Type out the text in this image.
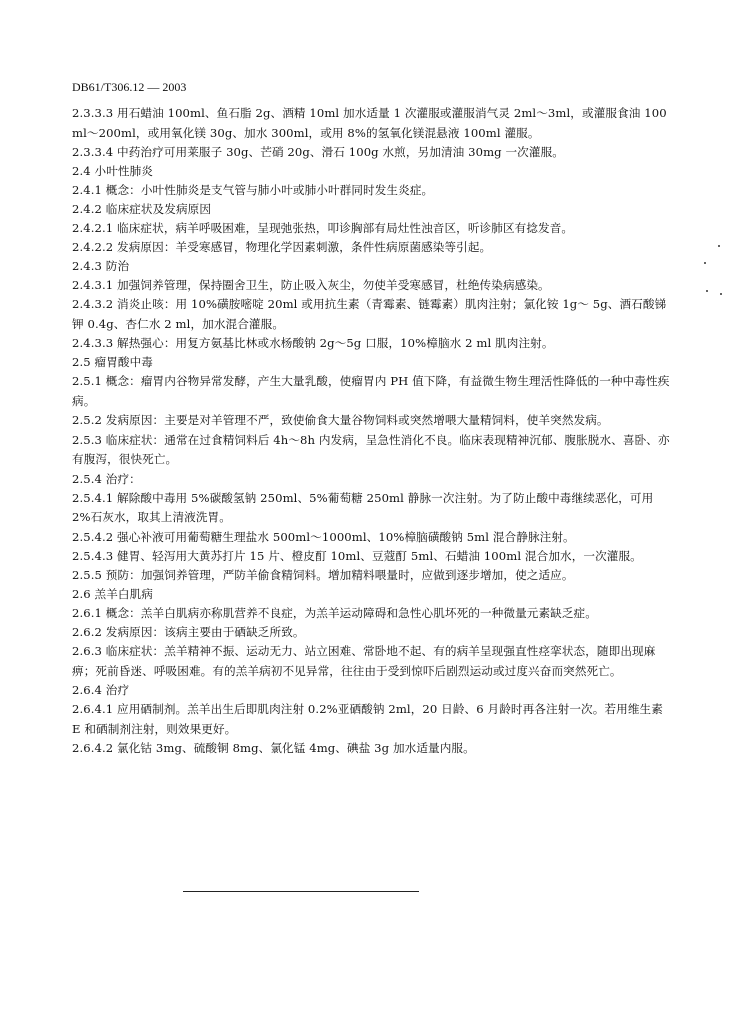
DB61/T306.12 — 2003

2.3.3.3 用石蜡油 100ml、鱼石脂 2g、酒精 10ml 加水适量 1 次灌服或灌服消气灵 2ml～3ml，或灌服食油 100ml～200ml，或用氧化镁 30g、加水 300ml，或用 8%的氢氧化镁混悬液 100ml 灌服。

2.3.3.4 中药治疗可用莱服子 30g、芒硝 20g、滑石 100g 水煎，另加清油 30mg 一次灌服。

2.4 小叶性肺炎

2.4.1 概念：小叶性肺炎是支气管与肺小叶或肺小叶群同时发生炎症。

2.4.2 临床症状及发病原因

2.4.2.1 临床症状，病羊呼吸困难，呈现弛张热，叩诊胸部有局灶性浊音区，听诊肺区有捻发音。

2.4.2.2 发病原因：羊受寒感冒，物理化学因素刺激，条件性病原菌感染等引起。

2.4.3 防治

2.4.3.1 加强饲养管理，保持圈舍卫生，防止吸入灰尘，勿使羊受寒感冒，杜绝传染病感染。

2.4.3.2 消炎止咳：用 10%磺胺嘧啶 20ml 或用抗生素（青霉素、链霉素）肌肉注射；氯化铵 1g～ 5g、酒石酸锑钾 0.4g、杏仁水 2 ml，加水混合灌服。

2.4.3.3 解热强心：用复方氨基比林或水杨酸钠 2g～5g 口服，10%樟脑水 2 ml 肌肉注射。

2.5 瘤胃酸中毒

2.5.1 概念：瘤胃内谷物异常发酵，产生大量乳酸，使瘤胃内 PH 值下降，有益微生物生理活性降低的一种中毒性疾病。

2.5.2 发病原因：主要是对羊管理不严，致使偷食大量谷物饲料或突然增喂大量精饲料，使羊突然发病。

2.5.3 临床症状：通常在过食精饲料后 4h～8h 内发病，呈急性消化不良。临床表现精神沉郁、腹胀脱水、喜卧、亦有腹泻，很快死亡。

2.5.4 治疗：

2.5.4.1 解除酸中毒用 5%碳酸氢钠 250ml、5%葡萄糖 250ml 静脉一次注射。为了防止酸中毒继续恶化，可用 2%石灰水，取其上清液洗胃。

2.5.4.2 强心补液可用葡萄糖生理盐水 500ml～1000ml、10%樟脑磺酸钠 5ml 混合静脉注射。

2.5.4.3 健胃、轻泻用大黄苏打片 15 片、橙皮酊 10ml、豆蔻酊 5ml、石蜡油 100ml 混合加水，一次灌服。

2.5.5 预防：加强饲养管理，严防羊偷食精饲料。增加精料喂量时，应做到逐步增加，使之适应。

2.6 羔羊白肌病

2.6.1 概念：羔羊白肌病亦称肌营养不良症，为羔羊运动障碍和急性心肌坏死的一种微量元素缺乏症。

2.6.2 发病原因：该病主要由于硒缺乏所致。

2.6.3 临床症状：羔羊精神不振、运动无力、站立困难、常卧地不起、有的病羊呈现强直性痉挛状态，随即出现麻痹；死前昏迷、呼吸困难。有的羔羊病初不见异常，往往由于受到惊吓后剧烈运动或过度兴奋而突然死亡。

2.6.4 治疗

2.6.4.1 应用硒制剂。羔羊出生后即肌肉注射 0.2%亚硒酸钠 2ml，20 日龄、6 月龄时再各注射一次。若用维生素 E 和硒制剂注射，则效果更好。

2.6.4.2 氯化钴 3mg、硫酸铜 8mg、氯化锰 4mg、碘盐 3g 加水适量内服。
